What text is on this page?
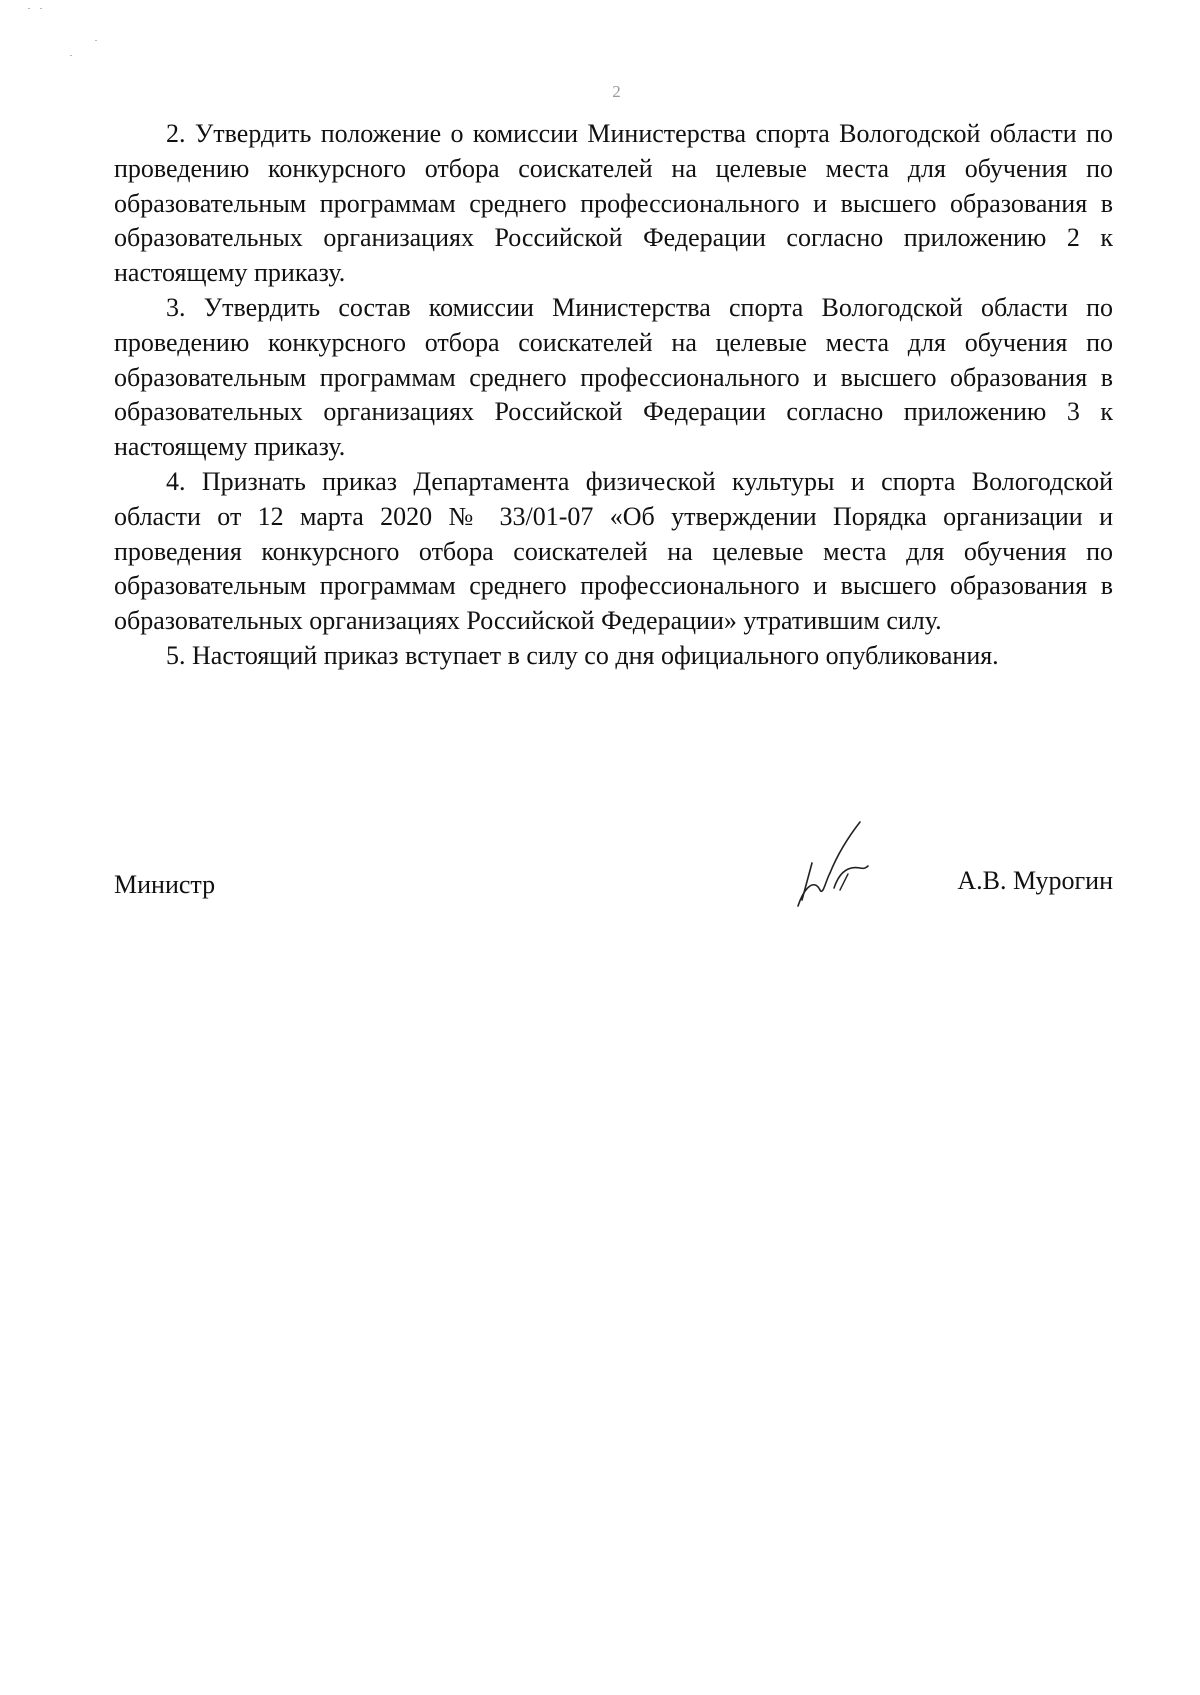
2

2. Утвердить положение о комиссии Министерства спорта Вологодской области по проведению конкурсного отбора соискателей на целевые места для обучения по образовательным программам среднего профессионального и высшего образования в образовательных организациях Российской Федерации согласно приложению 2 к настоящему приказу.

3. Утвердить состав комиссии Министерства спорта Вологодской области по проведению конкурсного отбора соискателей на целевые места для обучения по образовательным программам среднего профессионального и высшего образования в образовательных организациях Российской Федерации согласно приложению 3 к настоящему приказу.

4. Признать приказ Департамента физической культуры и спорта Вологодской области от 12 марта 2020 № 33/01-07 «Об утверждении Порядка организации и проведения конкурсного отбора соискателей на целевые места для обучения по образовательным программам среднего профессионального и высшего образования в образовательных организациях Российской Федерации» утратившим силу.

5. Настоящий приказ вступает в силу со дня официального опубликования.

Министр	А.В. Мурогин
